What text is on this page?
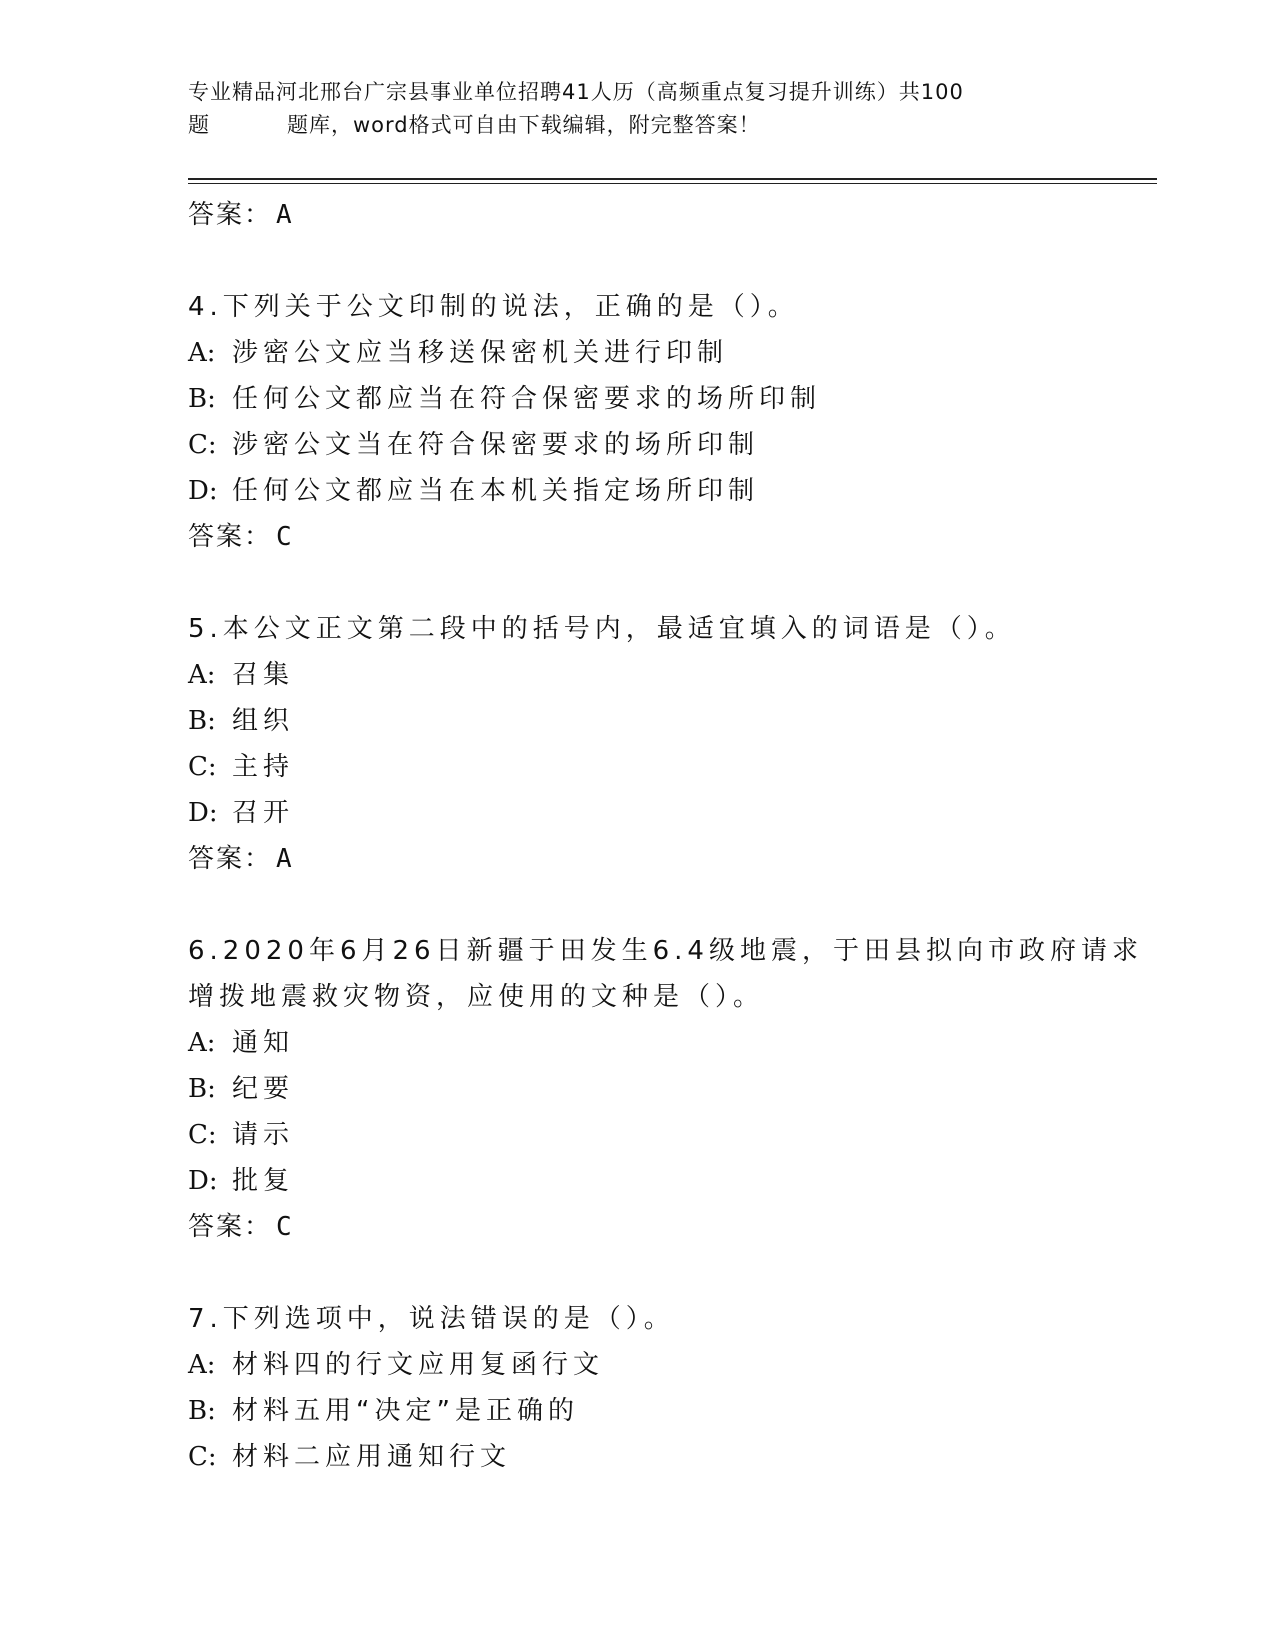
专业精品河北邢台广宗县事业单位招聘41人历（高频重点复习提升训练）共100
题	题库，word格式可自由下载编辑，附完整答案！
答案： A
4.下列关于公文印制的说法，正确的是（）。
A: 涉密公文应当移送保密机关进行印制
B: 任何公文都应当在符合保密要求的场所印制
C: 涉密公文当在符合保密要求的场所印制
D: 任何公文都应当在本机关指定场所印制
答案： C
5.本公文正文第二段中的括号内，最适宜填入的词语是（）。
A: 召集
B: 组织
C: 主持
D: 召开
答案： A
6.2020年6月26日新疆于田发生6.4级地震，于田县拟向市政府请求增拨地震救灾物资，应使用的文种是（）。
A: 通知
B: 纪要
C: 请示
D: 批复
答案： C
7.下列选项中，说法错误的是（）。
A: 材料四的行文应用复函行文
B: 材料五用“决定”是正确的
C: 材料二应用通知行文
